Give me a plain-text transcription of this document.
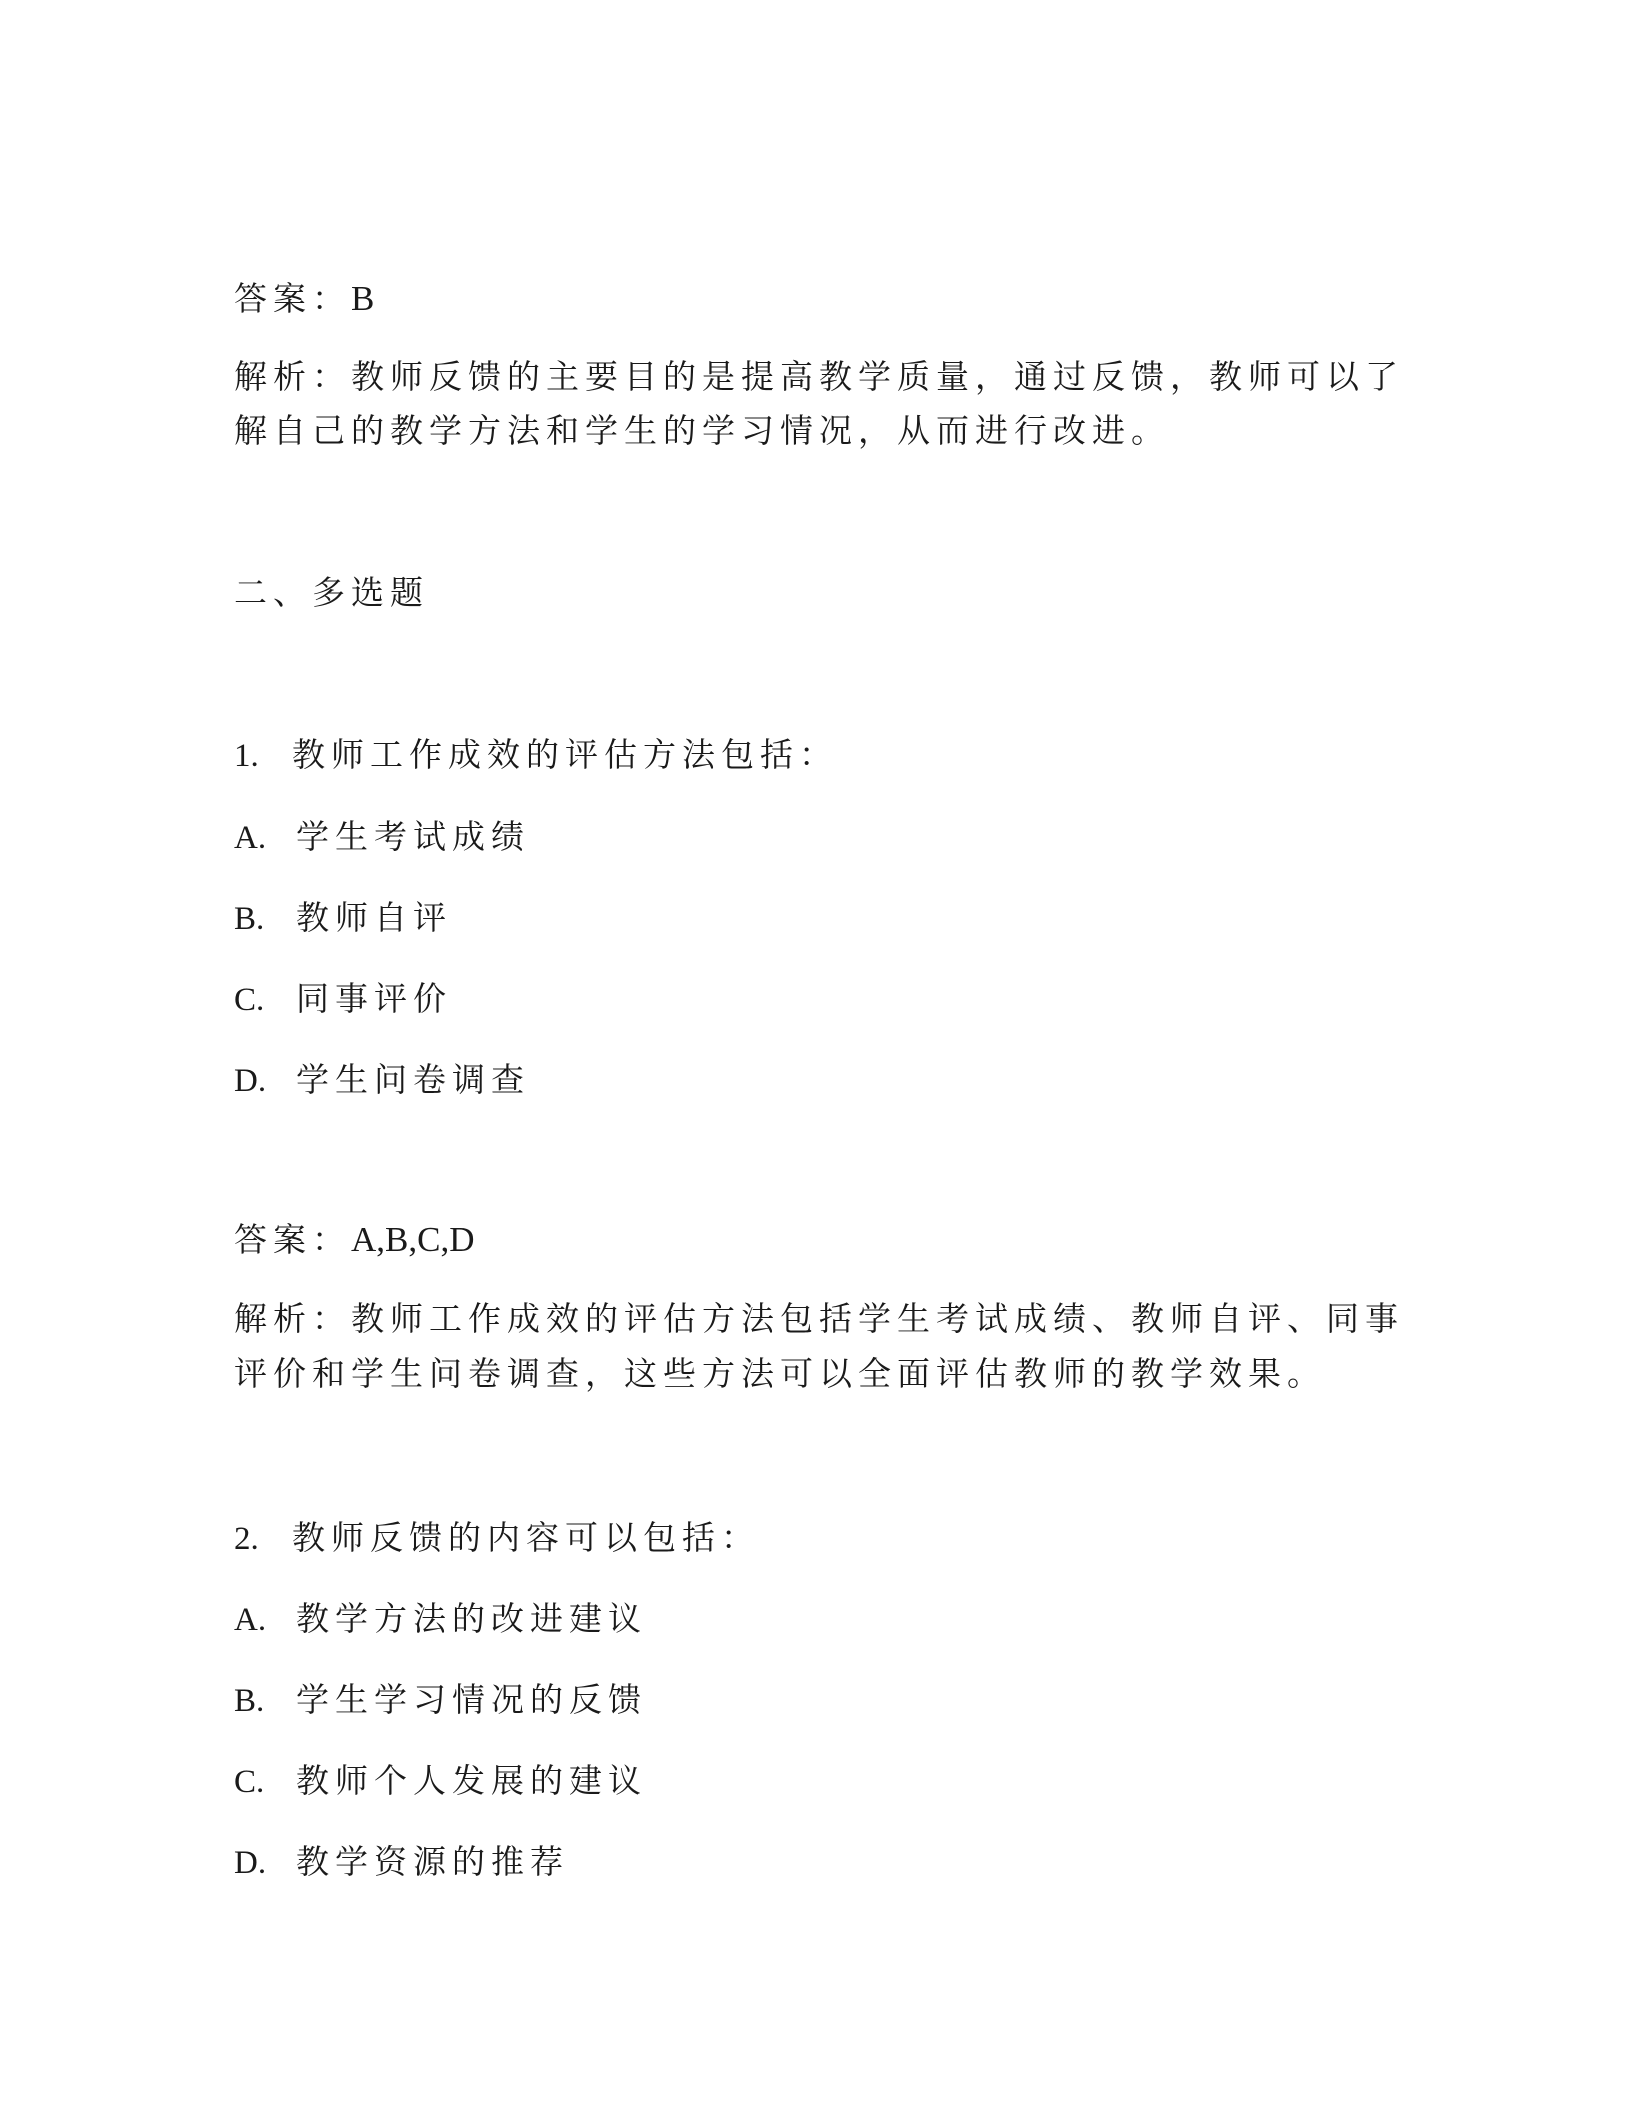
答案：B
解析：教师反馈的主要目的是提高教学质量，通过反馈，教师可以了
解自己的教学方法和学生的学习情况，从而进行改进。
二、多选题
1. 教师工作成效的评估方法包括：
A. 学生考试成绩
B. 教师自评
C. 同事评价
D. 学生问卷调查
答案：A,B,C,D
解析：教师工作成效的评估方法包括学生考试成绩、教师自评、同事
评价和学生问卷调查，这些方法可以全面评估教师的教学效果。
2. 教师反馈的内容可以包括：
A. 教学方法的改进建议
B. 学生学习情况的反馈
C. 教师个人发展的建议
D. 教学资源的推荐
